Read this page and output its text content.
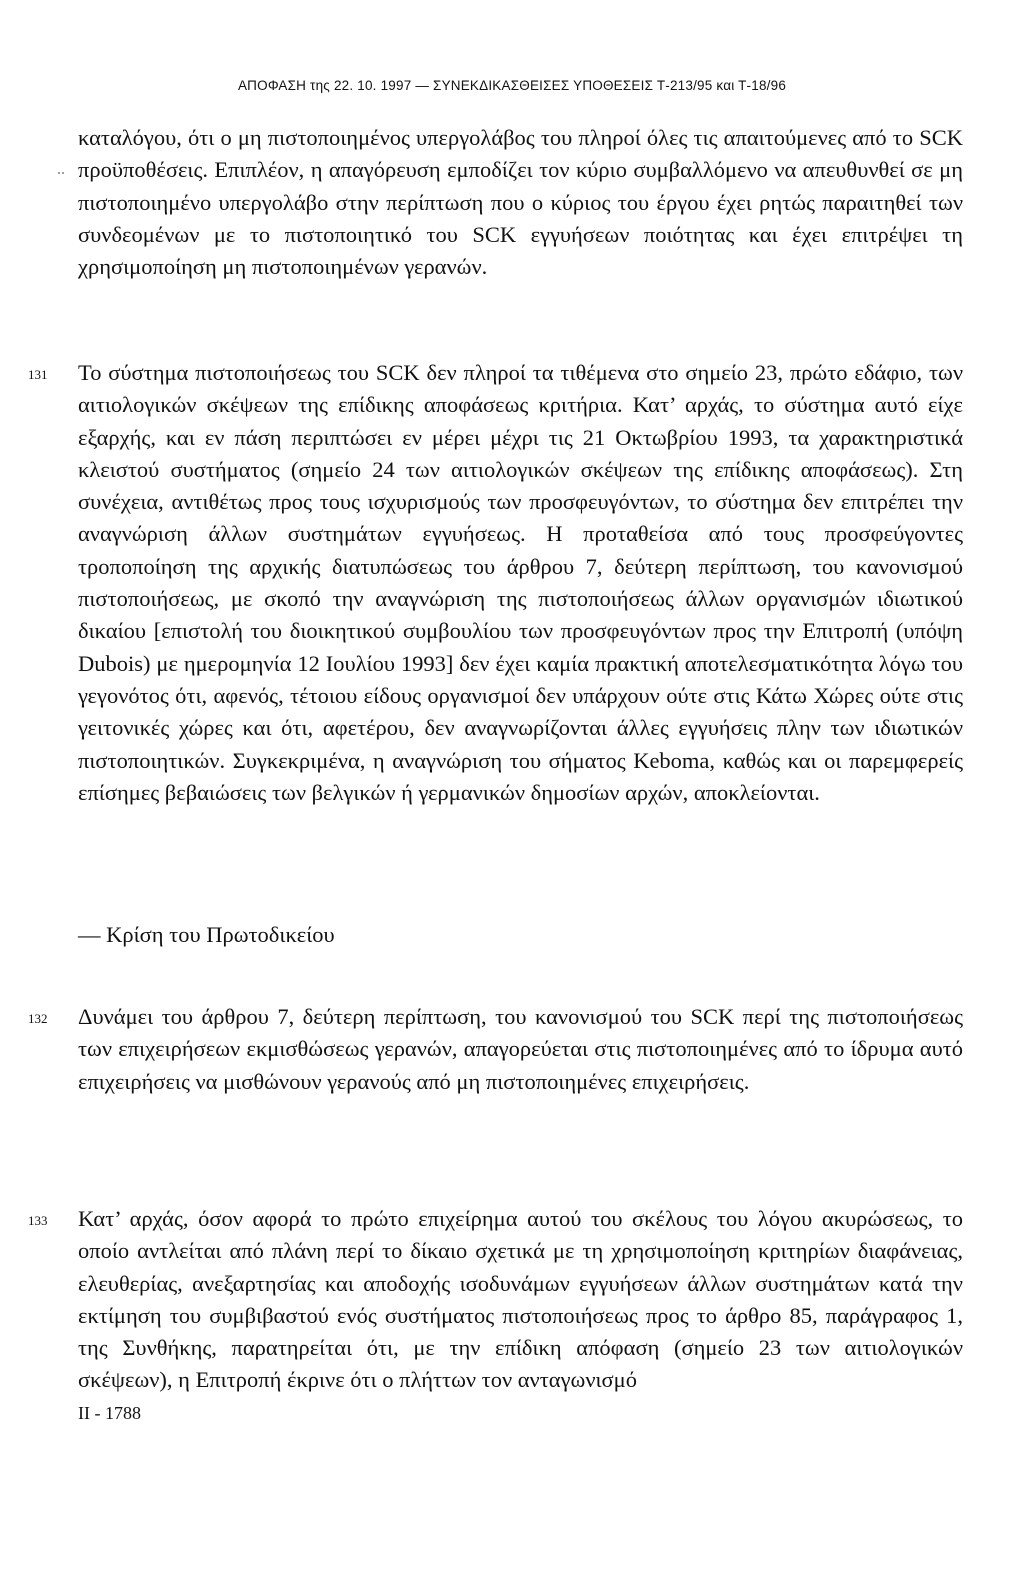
ΑΠΟΦΑΣΗ της 22. 10. 1997 — ΣΥΝΕΚΔΙΚΑΣΘΕΙΣΕΣ ΥΠΟΘΕΣΕΙΣ Τ-213/95 και Τ-18/96
καταλόγου, ότι ο μη πιστοποιημένος υπεργολάβος του πληροί όλες τις απαιτούμενες από το SCK προϋποθέσεις. Επιπλέον, η απαγόρευση εμποδίζει τον κύριο συμβαλλόμενο να απευθυνθεί σε μη πιστοποιημένο υπεργολάβο στην περίπτωση που ο κύριος του έργου έχει ρητώς παραιτηθεί των συνδεομένων με το πιστοποιητικό του SCK εγγυήσεων ποιότητας και έχει επιτρέψει τη χρησιμοποίηση μη πιστοποιημένων γερανών.
131 Το σύστημα πιστοποιήσεως του SCK δεν πληροί τα τιθέμενα στο σημείο 23, πρώτο εδάφιο, των αιτιολογικών σκέψεων της επίδικης αποφάσεως κριτήρια. Κατ’ αρχάς, το σύστημα αυτό είχε εξαρχής, και εν πάση περιπτώσει εν μέρει μέχρι τις 21 Οκτωβρίου 1993, τα χαρακτηριστικά κλειστού συστήματος (σημείο 24 των αιτιολογικών σκέψεων της επίδικης αποφάσεως). Στη συνέχεια, αντιθέτως προς τους ισχυρισμούς των προσφευγόντων, το σύστημα δεν επιτρέπει την αναγνώριση άλλων συστημάτων εγγυήσεως. Η προταθείσα από τους προσφεύγοντες τροποποίηση της αρχικής διατυπώσεως του άρθρου 7, δεύτερη περίπτωση, του κανονισμού πιστοποιήσεως, με σκοπό την αναγνώριση της πιστοποιήσεως άλλων οργανισμών ιδιωτικού δικαίου [επιστολή του διοικητικού συμβουλίου των προσφευγόντων προς την Επιτροπή (υπόψη Dubois) με ημερομηνία 12 Ιουλίου 1993] δεν έχει καμία πρακτική αποτελεσματικότητα λόγω του γεγονότος ότι, αφενός, τέτοιου είδους οργανισμοί δεν υπάρχουν ούτε στις Κάτω Χώρες ούτε στις γειτονικές χώρες και ότι, αφετέρου, δεν αναγνωρίζονται άλλες εγγυήσεις πλην των ιδιωτικών πιστοποιητικών. Συγκεκριμένα, η αναγνώριση του σήματος Keboma, καθώς και οι παρεμφερείς επίσημες βεβαιώσεις των βελγικών ή γερμανικών δημοσίων αρχών, αποκλείονται.
— Κρίση του Πρωτοδικείου
132 Δυνάμει του άρθρου 7, δεύτερη περίπτωση, του κανονισμού του SCK περί της πιστοποιήσεως των επιχειρήσεων εκμισθώσεως γερανών, απαγορεύεται στις πιστοποιημένες από το ίδρυμα αυτό επιχειρήσεις να μισθώνουν γερανούς από μη πιστοποιημένες επιχειρήσεις.
133 Κατ’ αρχάς, όσον αφορά το πρώτο επιχείρημα αυτού του σκέλους του λόγου ακυρώσεως, το οποίο αντλείται από πλάνη περί το δίκαιο σχετικά με τη χρησιμοποίηση κριτηρίων διαφάνειας, ελευθερίας, ανεξαρτησίας και αποδοχής ισοδυνάμων εγγυήσεων άλλων συστημάτων κατά την εκτίμηση του συμβιβαστού ενός συστήματος πιστοποιήσεως προς το άρθρο 85, παράγραφος 1, της Συνθήκης, παρατηρείται ότι, με την επίδικη απόφαση (σημείο 23 των αιτιολογικών σκέψεων), η Επιτροπή έκρινε ότι ο πλήττων τον ανταγωνισμό
II - 1788
